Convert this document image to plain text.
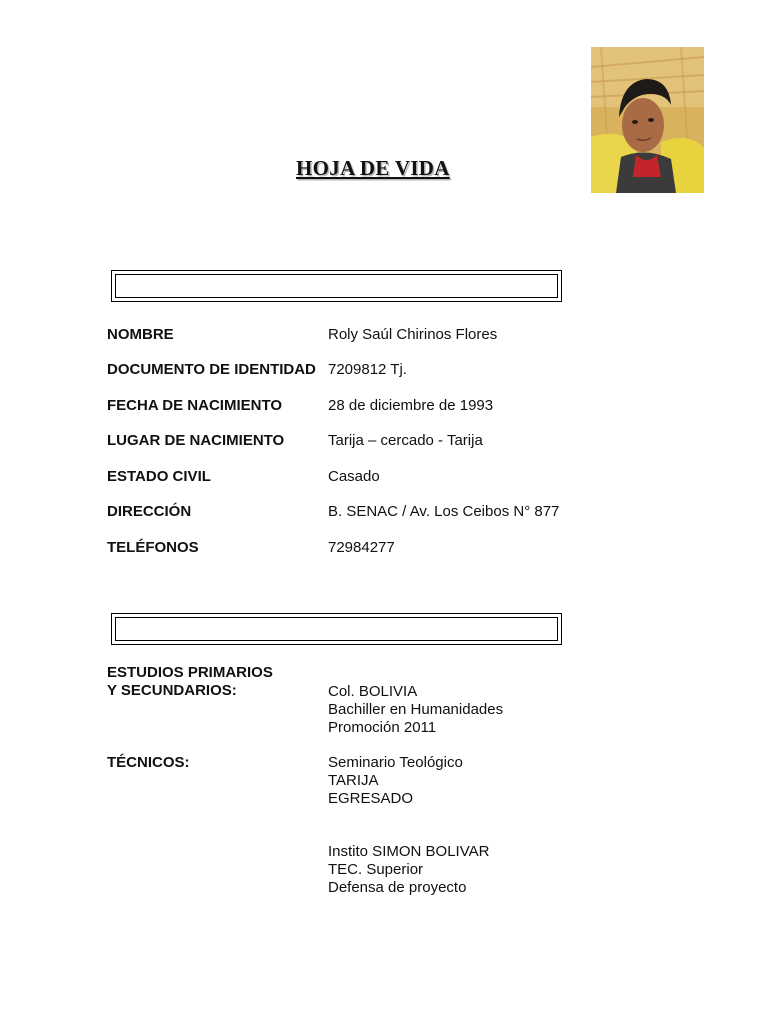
HOJA DE VIDA
NOMBRE	Roly Saúl Chirinos Flores
DOCUMENTO DE IDENTIDAD 7209812 Tj.
FECHA DE NACIMIENTO	28 de diciembre de 1993
LUGAR DE NACIMIENTO	Tarija – cercado - Tarija
ESTADO CIVIL	Casado
DIRECCIÓN	B. SENAC / Av. Los Ceibos N° 877
TELÉFONOS	72984277
ESTUDIOS PRIMARIOS
Y SECUNDARIOS:	Col. BOLIVIA
Bachiller en Humanidades
Promoción 2011
TÉCNICOS:	Seminario Teológico
TARIJA
EGRESADO
Instito SIMON BOLIVAR
TEC. Superior
Defensa de proyecto
